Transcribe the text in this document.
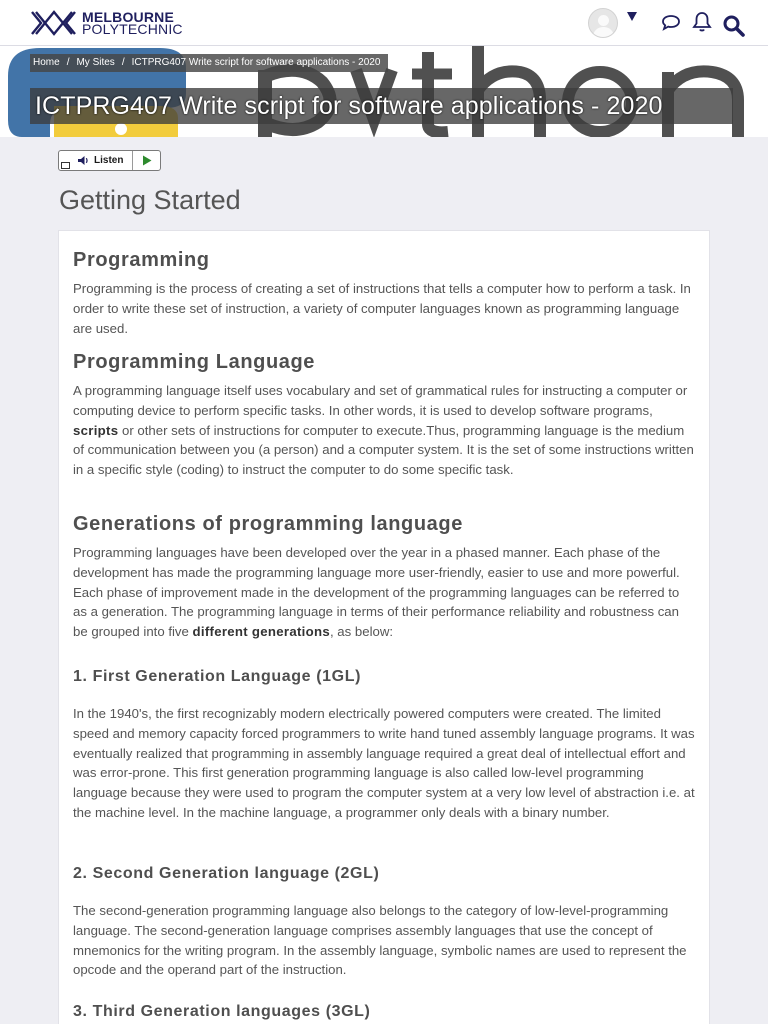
MELBOURNE
POLYTECHNIC
Home / My Sites / ICTPRG407 Write script for software applications - 2020
ICTPRG407 Write script for software applications - 2020
Listen
Getting Started
Programming

Programming is the process of creating a set of instructions that tells a computer how to perform a task. In order to write these set of instruction, a variety of computer languages known as programming language are used.

Programming Language

A programming language itself uses vocabulary and set of grammatical rules for instructing a computer or computing device to perform specific tasks. In other words, it is used to develop software programs, scripts or other sets of instructions for computer to execute.Thus, programming language is the medium of communication between you (a person) and a computer system. It is the set of some instructions written in a specific style (coding) to instruct the computer to do some specific task.

Generations of programming language

Programming languages have been developed over the year in a phased manner. Each phase of the development has made the programming language more user-friendly, easier to use and more powerful. Each phase of improvement made in the development of the programming languages can be referred to as a generation. The programming language in terms of their performance reliability and robustness can be grouped into five different generations, as below:

1. First Generation Language (1GL)

In the 1940's, the first recognizably modern electrically powered computers were created. The limited speed and memory capacity forced programmers to write hand tuned assembly language programs. It was eventually realized that programming in assembly language required a great deal of intellectual effort and was error-prone. This first generation programming language is also called low-level programming language because they were used to program the computer system at a very low level of abstraction i.e. at the machine level. In the machine language, a programmer only deals with a binary number.

2. Second Generation language (2GL)

The second-generation programming language also belongs to the category of low-level-programming language. The second-generation language comprises assembly languages that use the concept of mnemonics for the writing program. In the assembly language, symbolic names are used to represent the opcode and the operand part of the instruction.

3. Third Generation languages (3GL)
